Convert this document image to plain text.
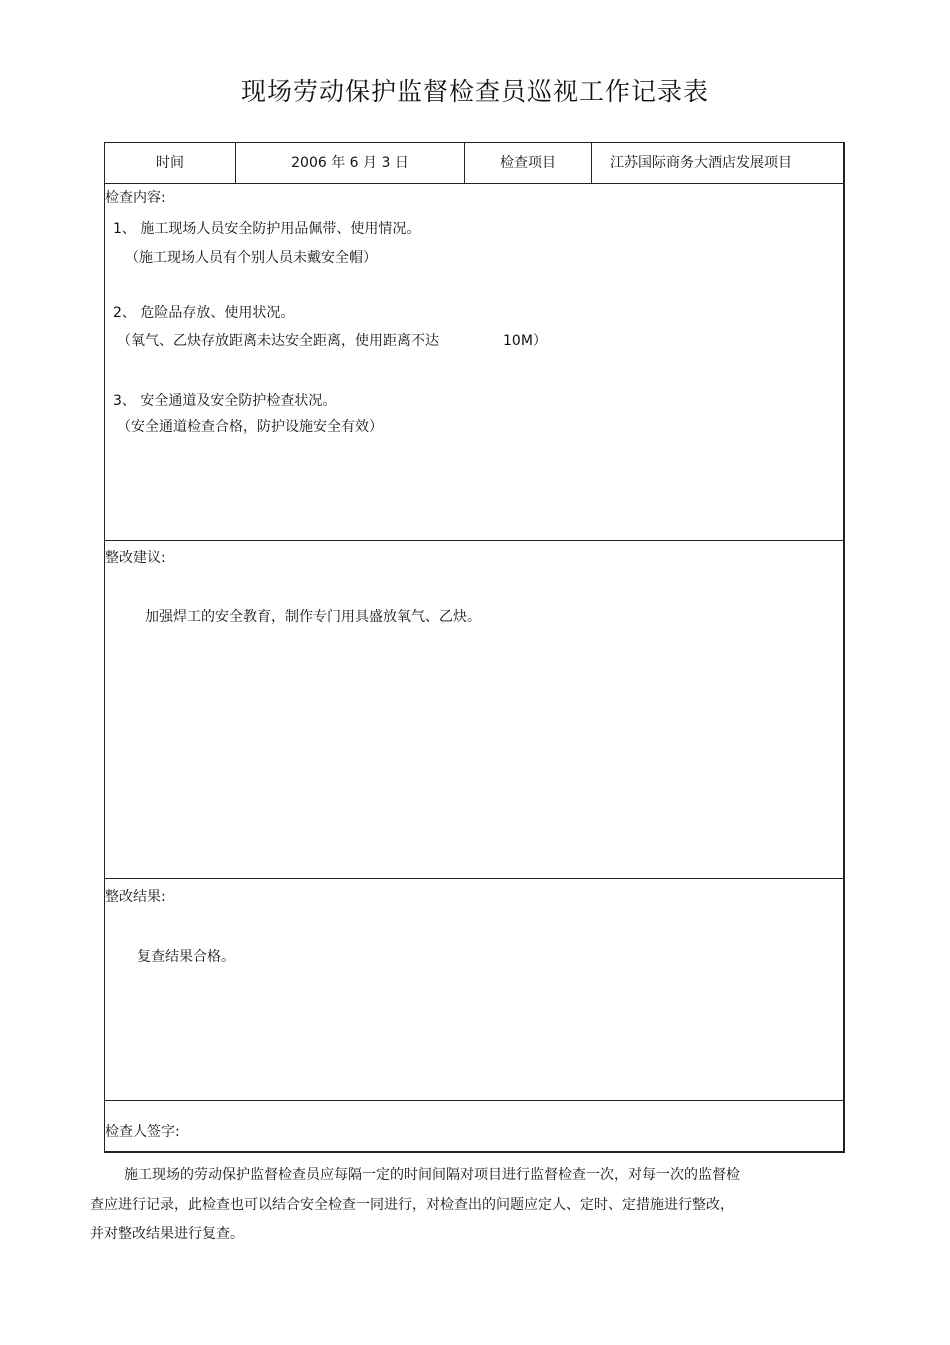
现场劳动保护监督检查员巡视工作记录表
时间	2006 年 6 月 3 日	检查项目	江苏国际商务大酒店发展项目
检查内容:
1、 施工现场人员安全防护用品佩带、使用情况。
（施工现场人员有个别人员未戴安全帽）
2、 危险品存放、使用状况。
（氧气、乙炔存放距离未达安全距离，使用距离不达	10M）
3、 安全通道及安全防护检查状况。
（安全通道检查合格，防护设施安全有效）
整改建议:
加强焊工的安全教育，制作专门用具盛放氧气、乙炔。
整改结果:
复查结果合格。
检查人签字:
施工现场的劳动保护监督检查员应每隔一定的时间间隔对项目进行监督检查一次，对每一次的监督检
查应进行记录，此检查也可以结合安全检查一同进行，对检查出的问题应定人、定时、定措施进行整改，
并对整改结果进行复查。
